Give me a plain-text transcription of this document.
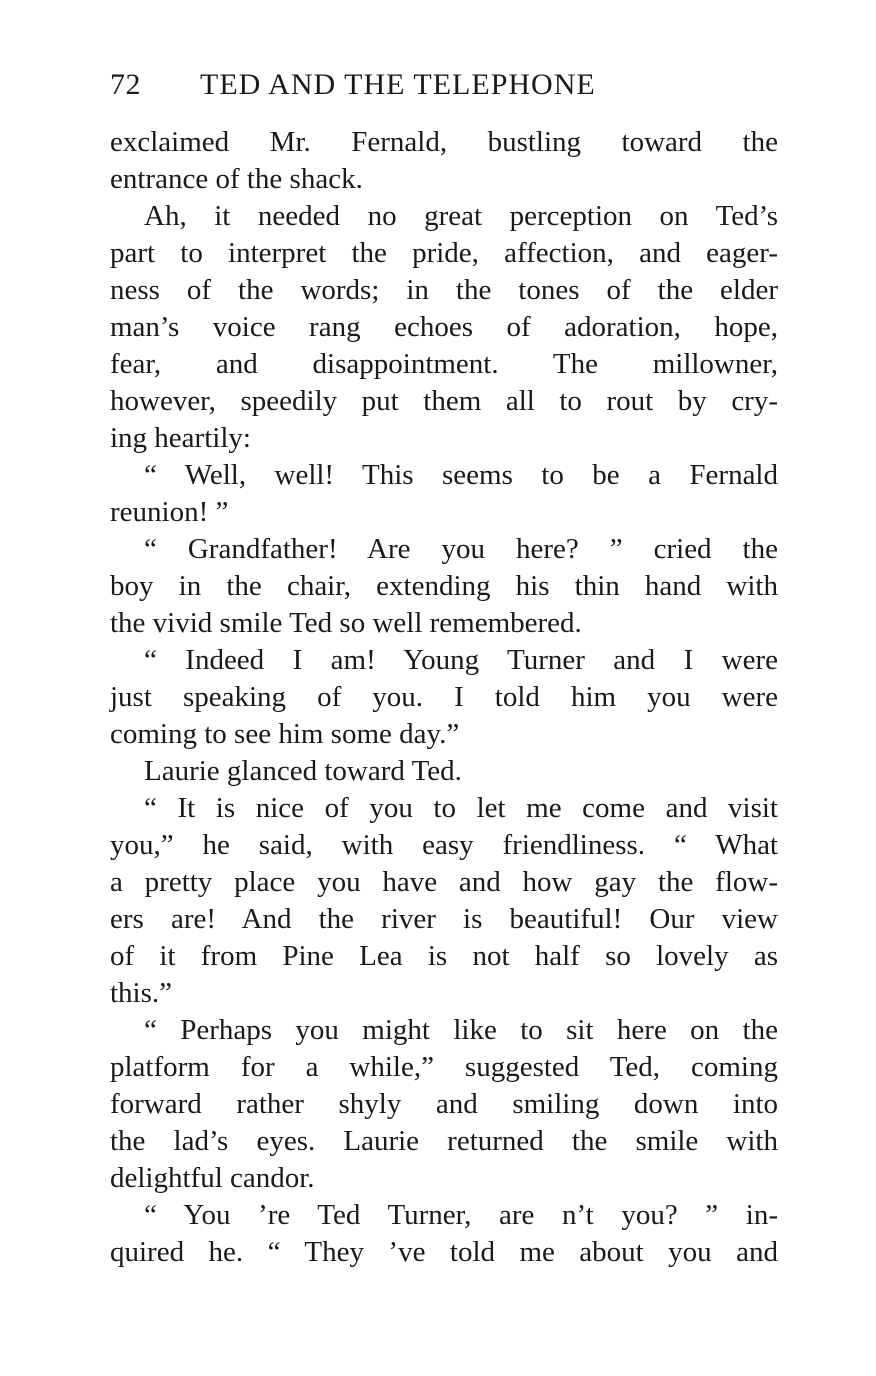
72	TED AND THE TELEPHONE
exclaimed Mr. Fernald, bustling toward the
entrance of the shack.
Ah, it needed no great perception on Ted’s
part to interpret the pride, affection, and eager-
ness of the words; in the tones of the elder
man’s voice rang echoes of adoration, hope,
fear, and disappointment. The millowner,
however, speedily put them all to rout by cry-
ing heartily:
“ Well, well! This seems to be a Fernald
reunion! ”
“ Grandfather! Are you here? ” cried the
boy in the chair, extending his thin hand with
the vivid smile Ted so well remembered.
“ Indeed I am! Young Turner and I were
just speaking of you. I told him you were
coming to see him some day.”
Laurie glanced toward Ted.
“ It is nice of you to let me come and visit
you,” he said, with easy friendliness. “ What
a pretty place you have and how gay the flow-
ers are! And the river is beautiful! Our view
of it from Pine Lea is not half so lovely as
this.”
“ Perhaps you might like to sit here on the
platform for a while,” suggested Ted, coming
forward rather shyly and smiling down into
the lad’s eyes. Laurie returned the smile with
delightful candor.
“ You ’re Ted Turner, are n’t you? ” in-
quired he. “ They ’ve told me about you and
